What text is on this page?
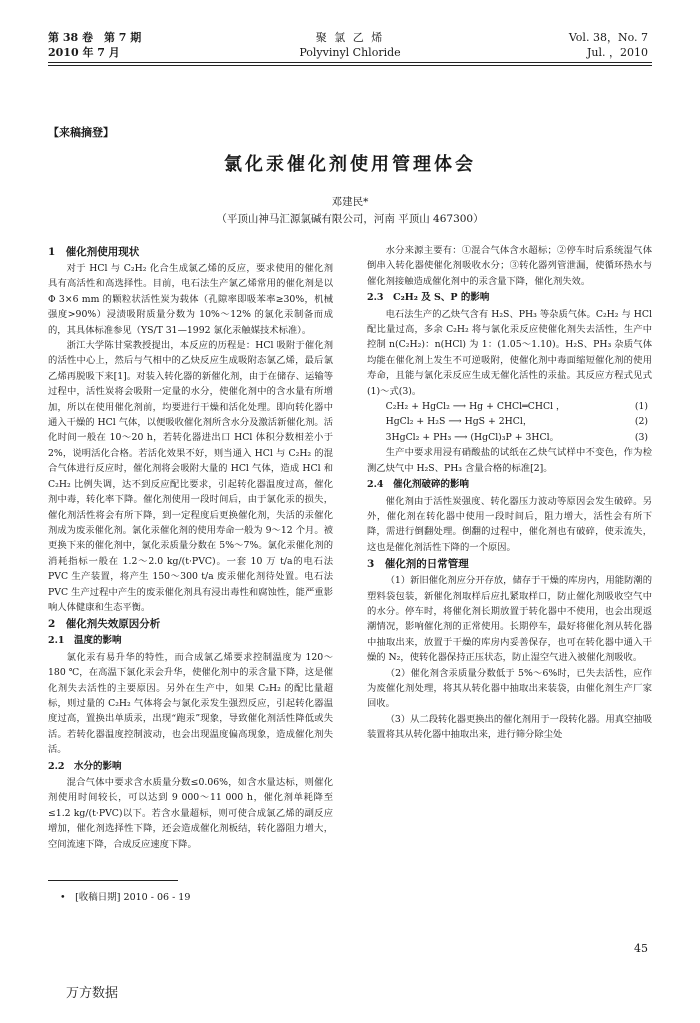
第 38 卷　第 7 期
2010 年 7 月
聚 氯 乙 烯
Polyvinyl Chloride
Vol. 38，No. 7
Jul. ，2010
【来稿摘登】
氯化汞催化剂使用管理体会
邓建民*
（平顶山神马汇源氯碱有限公司，河南 平顶山 467300）
1　催化剂使用现状

对于 HCl 与 C₂H₂ 化合生成氯乙烯的反应，要求使用的催化剂具有高活性和高选择性。目前，电石法生产氯乙烯常用的催化剂是以 Φ 3×6 mm 的颗粒状活性炭为载体（孔隙率即吸苯率≥30%，机械强度>90%）浸渍吸附质量分数为 10%～12% 的氯化汞制备而成的，其具体标准参见（YS/T 31—1992 氯化汞触媒技术标准）。

浙江大学陈甘棠教授提出，本反应的历程是：HCl 吸附于催化剂的活性中心上，然后与气相中的乙炔反应生成吸附态氯乙烯，最后氯乙烯再脱吸下来[1]。对装入转化器的新催化剂，由于在储存、运输等过程中，活性炭将会吸附一定量的水分，使催化剂中的含水量有所增加，所以在使用催化剂前，均要进行干燥和活化处理。即向转化器中通入干燥的 HCl 气体，以便吸收催化剂所含水分及激活新催化剂。活化时间一般在 10～20 h，若转化器进出口 HCl 体积分数相差小于 2%，说明活化合格。若活化效果不好，则当通入 HCl 与 C₂H₂ 的混合气体进行反应时，催化剂将会吸附大量的 HCl 气体，造成 HCl 和 C₂H₂ 比例失调，达不到反应配比要求，引起转化器温度过高，催化剂中毒，转化率下降。催化剂使用一段时间后，由于氯化汞的损失，催化剂活性将会有所下降，到一定程度后更换催化剂，失活的汞催化剂成为废汞催化剂。氯化汞催化剂的使用寿命一般为 9～12 个月。被更换下来的催化剂中，氯化汞质量分数在 5%～7%。氯化汞催化剂的消耗指标一般在 1.2～2.0 kg/(t·PVC)。一套 10 万 t/a的电石法 PVC 生产装置，将产生 150～300 t/a 废汞催化剂待处置。电石法 PVC 生产过程中产生的废汞催化剂具有浸出毒性和腐蚀性，能严重影响人体健康和生态平衡。

2　催化剂失效原因分析
2.1　温度的影响

氯化汞有易升华的特性，而合成氯乙烯要求控制温度为 120～180 ℃，在高温下氯化汞会升华，使催化剂中的汞含量下降，这是催化剂失去活性的主要原因。另外在生产中，如果 C₂H₂ 的配比量超标，则过量的 C₂H₂ 气体将会与氯化汞发生强烈反应，引起转化器温度过高，置换出单质汞，出现“跑汞”现象，导致催化剂活性降低或失活。若转化器温度控制波动，也会出现温度偏高现象，造成催化剂失活。

2.2　水分的影响

混合气体中要求含水质量分数≤0.06%，如含水量达标，则催化剂使用时间较长，可以达到 9 000～11 000 h，催化剂单耗降至≤1.2 kg/(t·PVC)以下。若含水量超标，则可使合成氯乙烯的副反应增加，催化剂选择性下降，还会造成催化剂板结，转化器阻力增大，空间流速下降，合成反应速度下降。

水分来源主要有：①混合气体含水超标；②停车时后系统湿气体倒串入转化器使催化剂吸收水分；③转化器列管泄漏，使循环热水与催化剂接触造成催化剂中的汞含量下降，催化剂失效。

2.3　C₂H₂ 及 S、P 的影响

电石法生产的乙炔气含有 H₂S、PH₃ 等杂质气体。C₂H₂ 与 HCl 配比量过高，多余 C₂H₂ 将与氯化汞反应使催化剂失去活性，生产中控制 n(C₂H₂)：n(HCl) 为 1：(1.05～1.10)。H₂S、PH₃ 杂质气体均能在催化剂上发生不可逆吸附，使催化剂中毒面缩短催化剂的使用寿命，且能与氯化汞反应生成无催化活性的汞盐。其反应方程式见式(1)～式(3)。

C₂H₂ + HgCl₂ ⟶ Hg + CHCl═CHCl ，	(1)
HgCl₂ + H₂S ⟶ HgS + 2HCl，	(2)
3HgCl₂ + PH₃ ⟶ (HgCl)₃P + 3HCl。	(3)

生产中要求用浸有硝酸盐的试纸在乙炔气试样中不变色，作为检测乙炔气中 H₂S、PH₃ 含量合格的标准[2]。

2.4　催化剂破碎的影响

催化剂由于活性炭强度、转化器压力波动等原因会发生破碎。另外，催化剂在转化器中使用一段时间后，阻力增大，活性会有所下降，需进行倒翻处理。倒翻的过程中，催化剂也有破碎，使汞流失，这也是催化剂活性下降的一个原因。

3　催化剂的日常管理

（1）新旧催化剂应分开存放，储存于干燥的库房内，用能防潮的塑料袋包装，新催化剂取样后应扎紧取样口，防止催化剂吸收空气中的水分。停车时，将催化剂长期放置于转化器中不使用，也会出现返潮情况，影响催化剂的正常使用。长期停车，最好将催化剂从转化器中抽取出来，放置于干燥的库房内妥善保存，也可在转化器中通入干燥的 N₂，使转化器保持正压状态，防止湿空气进入被催化剂吸收。

（2）催化剂含汞质量分数低于 5%～6%时，已失去活性，应作为废催化剂处理，将其从转化器中抽取出来装袋，由催化剂生产厂家回收。

（3）从二段转化器更换出的催化剂用于一段转化器。用真空抽吸装置将其从转化器中抽取出来，进行筛分除尘处

•　[收稿日期] 2010 - 06 - 19
45
万方数据
